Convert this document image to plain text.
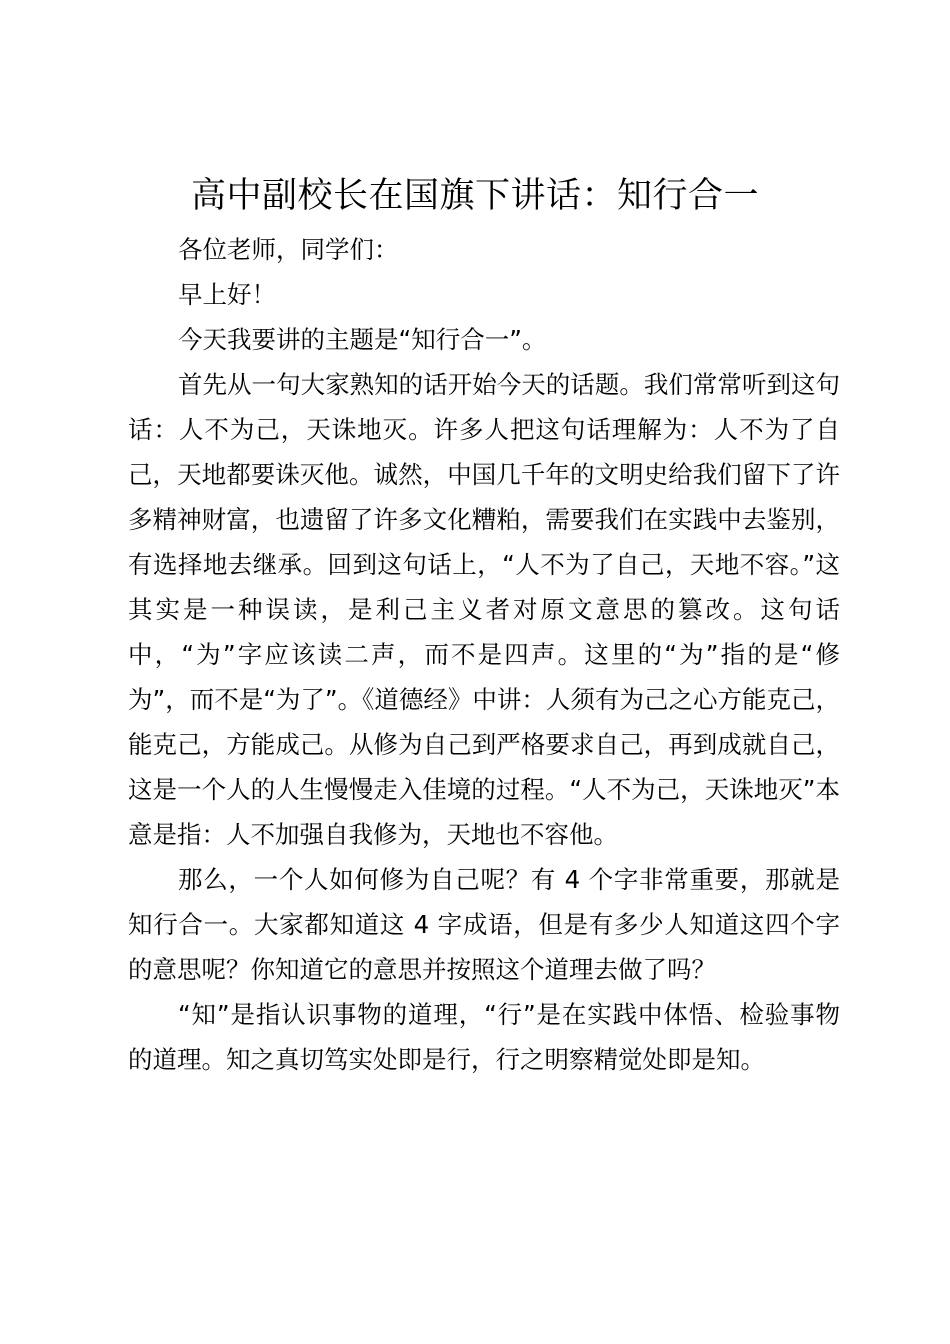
高中副校长在国旗下讲话：知行合一

各位老师，同学们：

早上好！

今天我要讲的主题是“知行合一”。

首先从一句大家熟知的话开始今天的话题。我们常常听到这句话：人不为己，天诛地灭。许多人把这句话理解为：人不为了自己，天地都要诛灭他。诚然，中国几千年的文明史给我们留下了许多精神财富，也遗留了许多文化糟粕，需要我们在实践中去鉴别，有选择地去继承。回到这句话上，“人不为了自己，天地不容。”这其实是一种误读，是利己主义者对原文意思的篡改。这句话中，“为”字应该读二声，而不是四声。这里的“为”指的是“修为”，而不是“为了”。《道德经》中讲：人须有为己之心方能克己，能克己，方能成己。从修为自己到严格要求自己，再到成就自己，这是一个人的人生慢慢走入佳境的过程。“人不为己，天诛地灭”本意是指：人不加强自我修为，天地也不容他。

那么，一个人如何修为自己呢？有 4 个字非常重要，那就是知行合一。大家都知道这 4 字成语，但是有多少人知道这四个字的意思呢？你知道它的意思并按照这个道理去做了吗？

“知”是指认识事物的道理，“行”是在实践中体悟、检验事物的道理。知之真切笃实处即是行，行之明察精觉处即是知。
